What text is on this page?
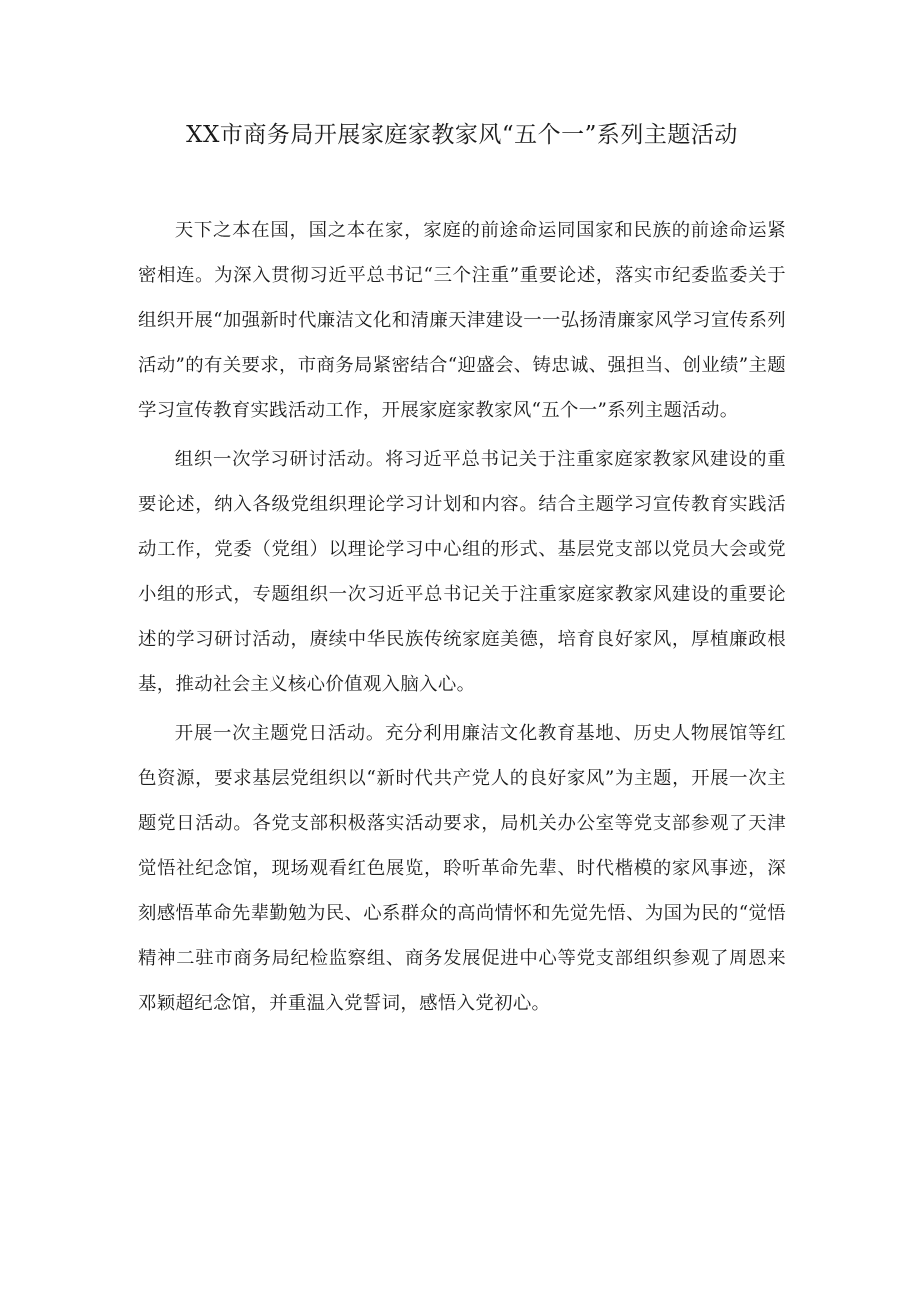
XX市商务局开展家庭家教家风“五个一”系列主题活动

天下之本在国，国之本在家，家庭的前途命运同国家和民族的前途命运紧密相连。为深入贯彻习近平总书记“三个注重”重要论述，落实市纪委监委关于组织开展“加强新时代廉洁文化和清廉天津建设一一弘扬清廉家风学习宣传系列活动”的有关要求，市商务局紧密结合“迎盛会、铸忠诚、强担当、创业绩”主题学习宣传教育实践活动工作，开展家庭家教家风“五个一”系列主题活动。

组织一次学习研讨活动。将习近平总书记关于注重家庭家教家风建设的重要论述，纳入各级党组织理论学习计划和内容。结合主题学习宣传教育实践活动工作，党委（党组）以理论学习中心组的形式、基层党支部以党员大会或党小组的形式，专题组织一次习近平总书记关于注重家庭家教家风建设的重要论述的学习研讨活动，赓续中华民族传统家庭美德，培育良好家风，厚植廉政根基，推动社会主义核心价值观入脑入心。

开展一次主题党日活动。充分利用廉洁文化教育基地、历史人物展馆等红色资源，要求基层党组织以“新时代共产党人的良好家风”为主题，开展一次主题党日活动。各党支部积极落实活动要求，局机关办公室等党支部参观了天津觉悟社纪念馆，现场观看红色展览，聆听革命先辈、时代楷模的家风事迹，深刻感悟革命先辈勤勉为民、心系群众的高尚情怀和先觉先悟、为国为民的“觉悟精神二驻市商务局纪检监察组、商务发展促进中心等党支部组织参观了周恩来邓颖超纪念馆，并重温入党誓词，感悟入党初心。
